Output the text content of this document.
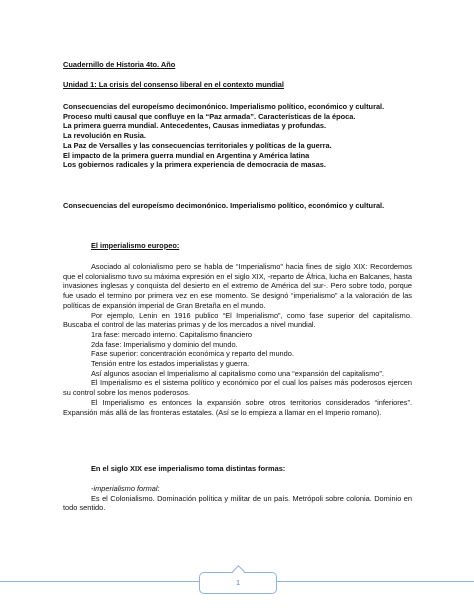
Cuadernillo de Historia 4to. Año

Unidad 1: La crisis del consenso liberal en el contexto mundial

Consecuencias del europeísmo decimonónico. Imperialismo político, económico y cultural.

Proceso multi causal que confluye en la “Paz armada”. Características de la época.

La primera guerra mundial. Antecedentes, Causas inmediatas y profundas.

La revolución en Rusia.

La Paz de Versalles y las consecuencias territoriales y políticas de la guerra.

El impacto de la primera guerra mundial en Argentina y América latina

Los gobiernos radicales y la primera experiencia de democracia de masas.

Consecuencias del europeísmo decimonónico. Imperialismo político, económico y cultural.

El imperialismo europeo:

Asociado al colonialismo pero se habla de “Imperialismo” hacia fines de siglo XIX: Recordemos que el colonialismo tuvo su máxima expresión en el siglo XIX, -reparto de África, lucha en Balcanes, hasta invasiones inglesas y conquista del desierto en el extremo de América del sur-. Pero sobre todo, porque fue usado el termino por primera vez en ese momento. Se designó “imperialismo” a la valoración de las políticas de expansión imperial de Gran Bretaña en el mundo.

Por ejemplo, Lenin en 1916 publico “El Imperialismo”, como fase superior del capitalismo. Buscaba el control de las materias primas y de los mercados a nivel mundial.

1ra fase: mercado interno. Capitalismo financiero

2da fase: Imperialismo y dominio del mundo.

Fase superior: concentración económica y reparto del mundo.

Tensión entre los estados imperialistas y guerra.

Así algunos asocian el Imperialismo al capitalismo como una “expansión del capitalismo”.

El Imperialismo es el sistema político y económico por el cual los países más poderosos ejercen su control sobre los menos poderosos.

El Imperialismo es entonces la expansión sobre otros territorios considerados “inferiores”. Expansión más allá de las fronteras estatales. (Así se lo empieza a llamar en el Imperio romano).

En el siglo XIX ese imperialismo toma distintas formas:

-imperialismo formal:

Es el Colonialismo. Dominación política y militar de un país. Metrópoli sobre colonia. Dominio en todo sentido.

1
